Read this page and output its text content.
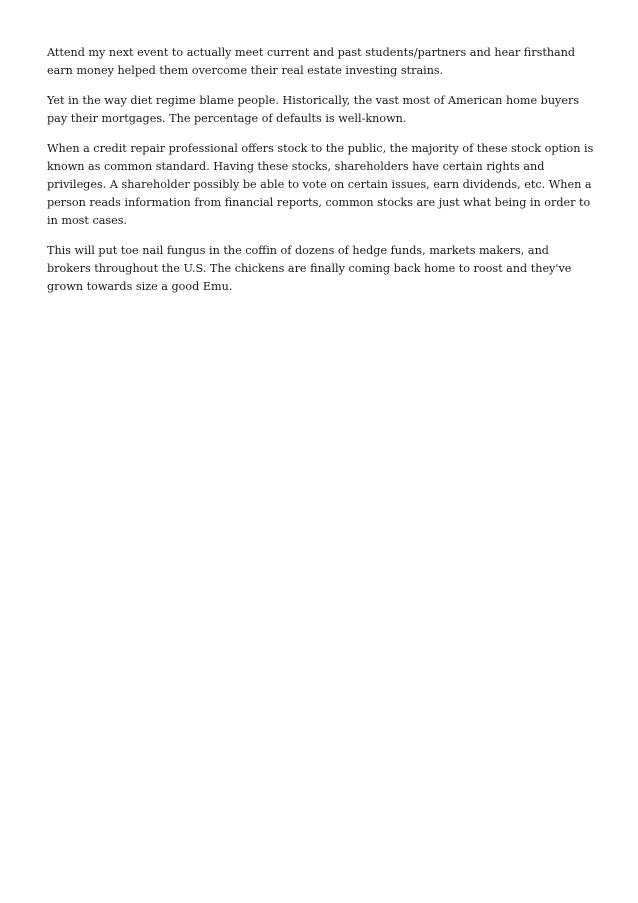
Attend my next event to actually meet current and past students/partners and hear firsthand earn money helped them overcome their real estate investing strains.

Yet in the way diet regime blame people. Historically, the vast most of American home buyers pay their mortgages. The percentage of defaults is well-known.

When a credit repair professional offers stock to the public, the majority of these stock option is known as common standard. Having these stocks, shareholders have certain rights and privileges. A shareholder possibly be able to vote on certain issues, earn dividends, etc. When a person reads information from financial reports, common stocks are just what being in order to in most cases.

This will put toe nail fungus in the coffin of dozens of hedge funds, markets makers, and brokers throughout the U.S. The chickens are finally coming back home to roost and they've grown towards size a good Emu.
